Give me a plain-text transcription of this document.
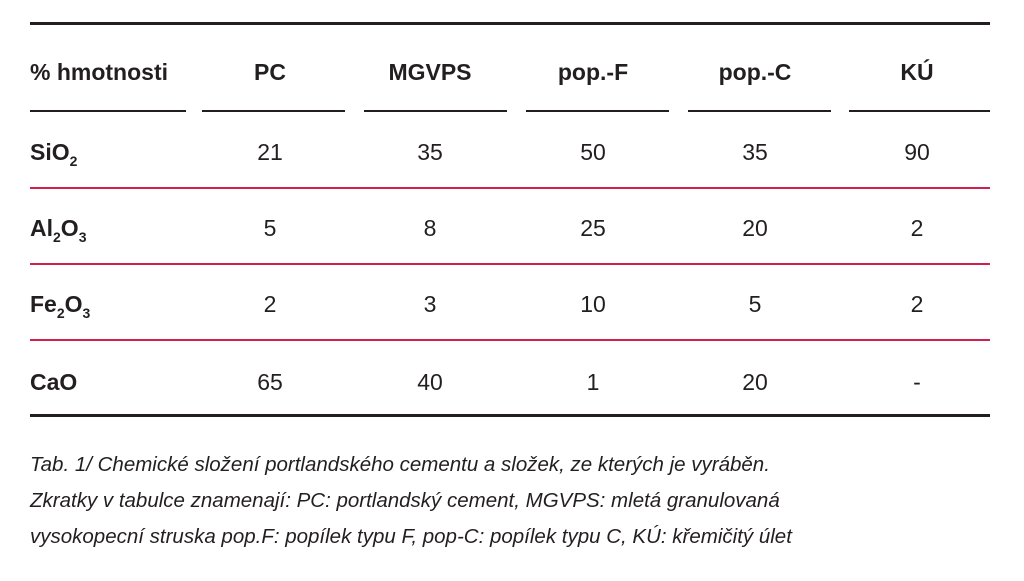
% hmotnosti	PC	MGVPS	pop.-F	pop.-C	KÚ
SiO$_2$	21	35	50	35	90
$Al_2O_3$	5	8	25	20	2
$Fe_2O_3$	2	3	10	5	2
CaO	65	40	1	20	-
Tab. 1/ Chemické složení portlandského cementu a složek, ze kterých je vyráběn.
Zkratky v tabulce znamenají: PC: portlandský cement, MGVPS: mletá granulovaná
vysokopecní struska pop.F: popílek typu F, pop-C: popílek typu C, KÚ: křemičitý úlet
